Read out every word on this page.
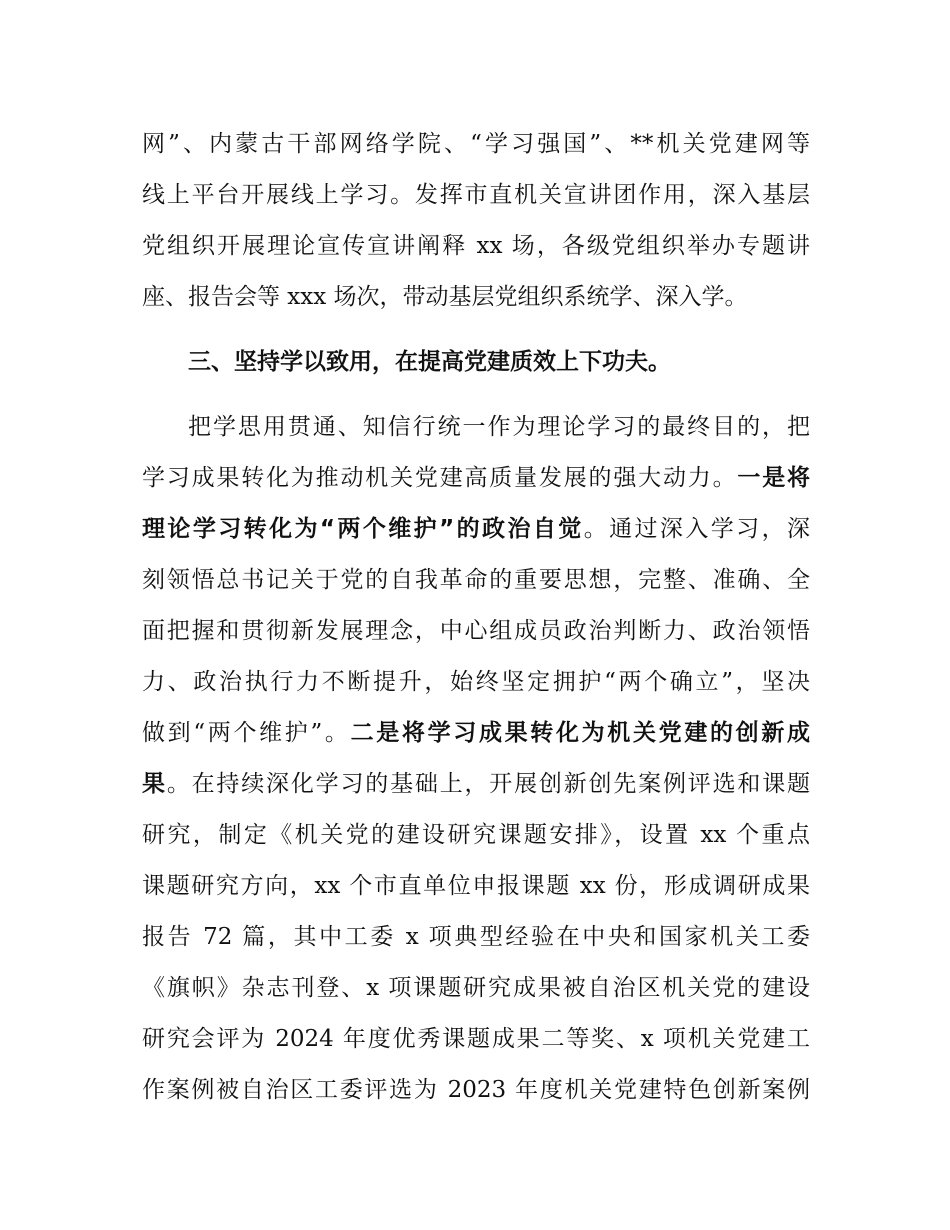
网”、内蒙古干部网络学院、“学习强国”、**机关党建网等
线上平台开展线上学习。发挥市直机关宣讲团作用，深入基层
党组织开展理论宣传宣讲阐释 xx 场，各级党组织举办专题讲
座、报告会等 xxx 场次，带动基层党组织系统学、深入学。
三、坚持学以致用，在提高党建质效上下功夫。
把学思用贯通、知信行统一作为理论学习的最终目的，把
学习成果转化为推动机关党建高质量发展的强大动力。一是将
理论学习转化为“两个维护”的政治自觉。通过深入学习，深
刻领悟总书记关于党的自我革命的重要思想，完整、准确、全
面把握和贯彻新发展理念，中心组成员政治判断力、政治领悟
力、政治执行力不断提升，始终坚定拥护“两个确立”，坚决
做到“两个维护”。二是将学习成果转化为机关党建的创新成
果。在持续深化学习的基础上，开展创新创先案例评选和课题
研究，制定《机关党的建设研究课题安排》，设置 xx 个重点
课题研究方向，xx 个市直单位申报课题 xx 份，形成调研成果
报告 72 篇，其中工委 x 项典型经验在中央和国家机关工委
《旗帜》杂志刊登、x 项课题研究成果被自治区机关党的建设
研究会评为 2024 年度优秀课题成果二等奖、x 项机关党建工
作案例被自治区工委评选为 2023 年度机关党建特色创新案例
